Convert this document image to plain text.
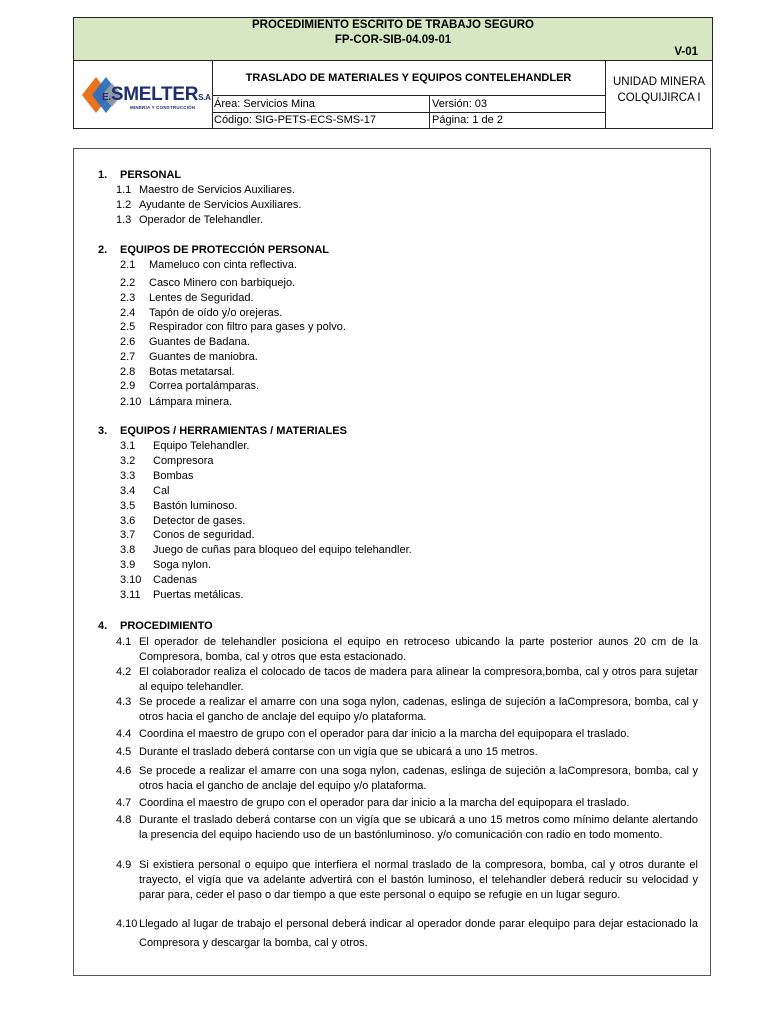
PROCEDIMIENTO ESCRITO DE TRABAJO SEGURO
FP-COR-SIB-04.09-01
V-01
E.SMELTERS.A
MINERÍA Y CONSTRUCCIÓN
TRASLADO DE MATERIALES Y EQUIPOS CONTELEHANDLER
Área: Servicios Mina	Versión: 03
Código: SIG-PETS-ECS-SMS-17	Página: 1 de 2
UNIDAD MINERA
COLQUIJIRCA I
1. PERSONAL
1.1 Maestro de Servicios Auxiliares.
1.2 Ayudante de Servicios Auxiliares.
1.3 Operador de Telehandler.
2. EQUIPOS DE PROTECCIÓN PERSONAL
2.1 Mameluco con cinta reflectiva.
2.2 Casco Minero con barbiquejo.
2.3 Lentes de Seguridad.
2.4 Tapón de oído y/o orejeras.
2.5 Respirador con filtro para gases y polvo.
2.6 Guantes de Badana.
2.7 Guantes de maniobra.
2.8 Botas metatarsal.
2.9 Correa portalámparas.
2.10 Lámpara minera.
3. EQUIPOS / HERRAMIENTAS / MATERIALES
3.1 Equipo Telehandler.
3.2 Compresora
3.3 Bombas
3.4 Cal
3.5 Bastón luminoso.
3.6 Detector de gases.
3.7 Conos de seguridad.
3.8 Juego de cuñas para bloqueo del equipo telehandler.
3.9 Soga nylon.
3.10 Cadenas
3.11 Puertas metálicas.
4. PROCEDIMIENTO
4.1 El operador de telehandler posiciona el equipo en retroceso ubicando la parte posterior aunos 20 cm de la Compresora, bomba, cal y otros que esta estacionado.
4.2 El colaborador realiza el colocado de tacos de madera para alinear la compresora,bomba, cal y otros para sujetar al equipo telehandler.
4.3 Se procede a realizar el amarre con una soga nylon, cadenas, eslinga de sujeción a laCompresora, bomba, cal y otros hacia el gancho de anclaje del equipo y/o plataforma.
4.4 Coordina el maestro de grupo con el operador para dar inicio a la marcha del equipopara el traslado.
4.5 Durante el traslado deberá contarse con un vigía que se ubicará a uno 15 metros.
4.6 Se procede a realizar el amarre con una soga nylon, cadenas, eslinga de sujeción a laCompresora, bomba, cal y otros hacia el gancho de anclaje del equipo y/o plataforma.
4.7 Coordina el maestro de grupo con el operador para dar inicio a la marcha del equipopara el traslado.
4.8 Durante el traslado deberá contarse con un vigía que se ubicará a uno 15 metros como mínimo delante alertando la presencia del equipo haciendo uso de un bastónluminoso. y/o comunicación con radio en todo momento.
4.9 Si existiera personal o equipo que interfiera el normal traslado de la compresora, bomba, cal y otros durante el trayecto, el vigía que va adelante advertirá con el bastón luminoso, el telehandler deberá reducir su velocidad y parar para, ceder el paso o dar tiempo a que este personal o equipo se refugie en un lugar seguro.
4.10 Llegado al lugar de trabajo el personal deberá indicar al operador donde parar elequipo para dejar estacionado la Compresora y descargar la bomba, cal y otros.
